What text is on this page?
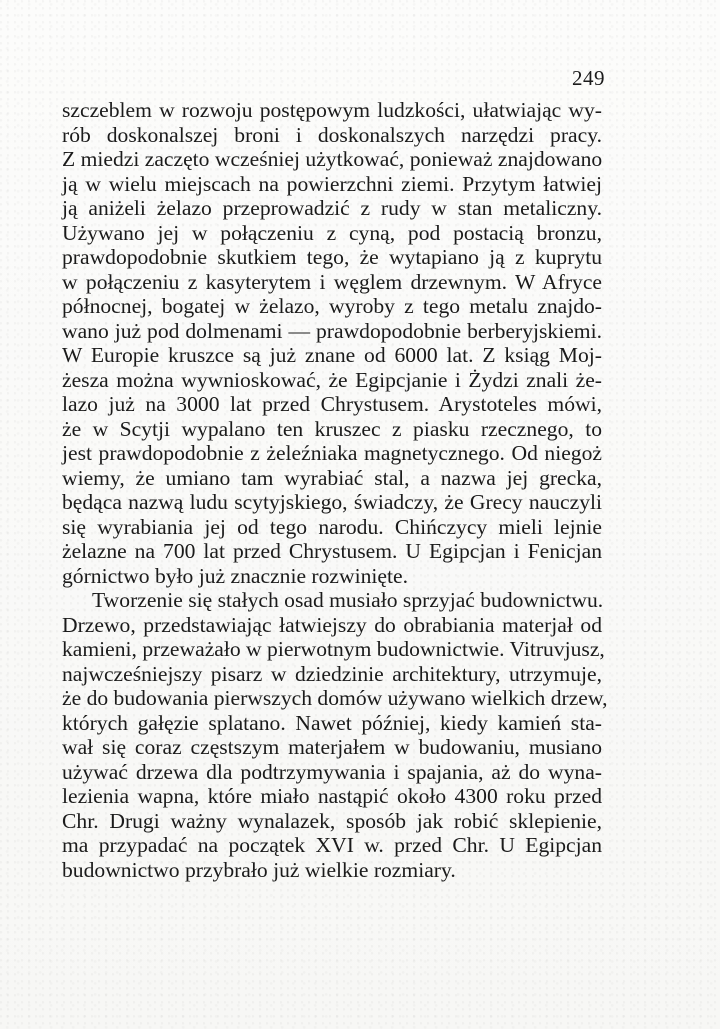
249

szczeblem w rozwoju postępowym ludzkości, ułatwiając wy-
rób doskonalszej broni i doskonalszych narzędzi pracy.
Z miedzi zaczęto wcześniej użytkować, ponieważ znajdowano
ją w wielu miejscach na powierzchni ziemi. Przytym łatwiej
ją aniżeli żelazo przeprowadzić z rudy w stan metaliczny.
Używano jej w połączeniu z cyną, pod postacią bronzu,
prawdopodobnie skutkiem tego, że wytapiano ją z kuprytu
w połączeniu z kasyterytem i węglem drzewnym. W Afryce
północnej, bogatej w żelazo, wyroby z tego metalu znajdo-
wano już pod dolmenami — prawdopodobnie berberyjskiemi.
W Europie kruszce są już znane od 6000 lat. Z ksiąg Moj-
żesza można wywnioskować, że Egipcjanie i Żydzi znali że-
lazo już na 3000 lat przed Chrystusem. Arystoteles mówi,
że w Scytji wypalano ten kruszec z piasku rzecznego, to
jest prawdopodobnie z żeleźniaka magnetycznego. Od niegoż
wiemy, że umiano tam wyrabiać stal, a nazwa jej grecka,
będąca nazwą ludu scytyjskiego, świadczy, że Grecy nauczyli
się wyrabiania jej od tego narodu. Chińczycy mieli lejnie
żelazne na 700 lat przed Chrystusem. U Egipcjan i Fenicjan
górnictwo było już znacznie rozwinięte.

Tworzenie się stałych osad musiało sprzyjać budownictwu.
Drzewo, przedstawiając łatwiejszy do obrabiania materjał od
kamieni, przeważało w pierwotnym budownictwie. Vitruvjusz,
najwcześniejszy pisarz w dziedzinie architektury, utrzymuje,
że do budowania pierwszych domów używano wielkich drzew,
których gałęzie splatano. Nawet później, kiedy kamień sta-
wał się coraz częstszym materjałem w budowaniu, musiano
używać drzewa dla podtrzymywania i spajania, aż do wyna-
lezienia wapna, które miało nastąpić około 4300 roku przed
Chr. Drugi ważny wynalazek, sposób jak robić sklepienie,
ma przypadać na początek XVI w. przed Chr. U Egipcjan
budownictwo przybrało już wielkie rozmiary.
